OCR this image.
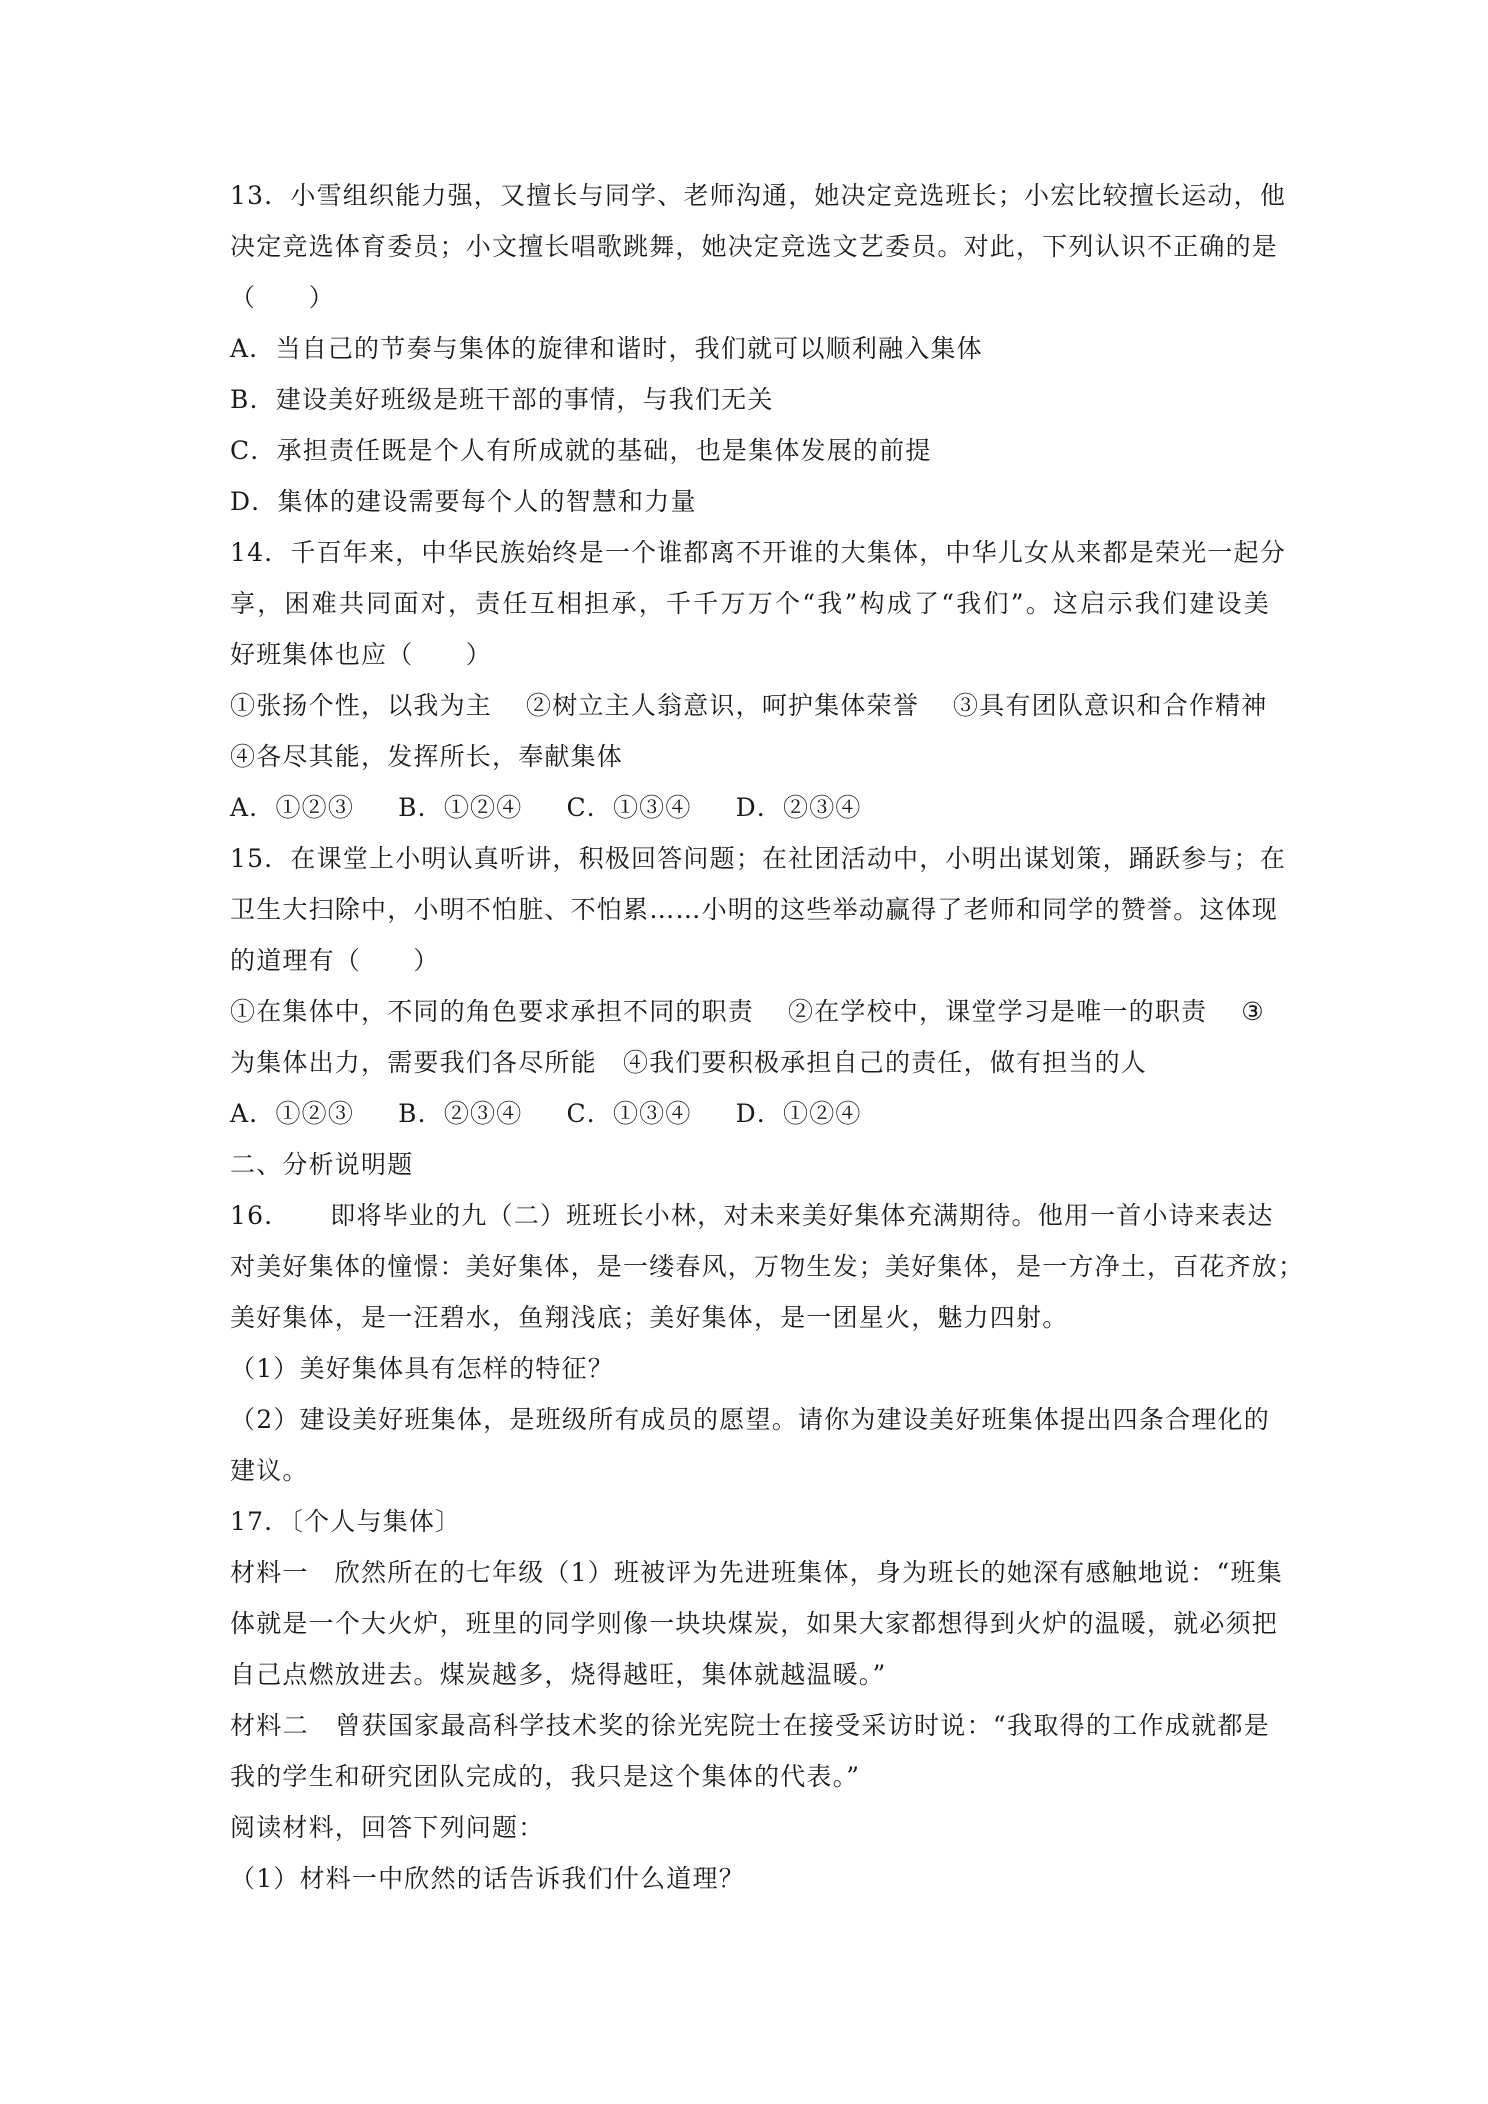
13．小雪组织能力强，又擅长与同学、老师沟通，她决定竞选班长；小宏比较擅长运动，他
决定竞选体育委员；小文擅长唱歌跳舞，她决定竞选文艺委员。对此，下列认识不正确的是
（　　）
A．当自己的节奏与集体的旋律和谐时，我们就可以顺利融入集体
B．建设美好班级是班干部的事情，与我们无关
C．承担责任既是个人有所成就的基础，也是集体发展的前提
D．集体的建设需要每个人的智慧和力量
14．千百年来，中华民族始终是一个谁都离不开谁的大集体，中华儿女从来都是荣光一起分
享，困难共同面对，责任互相担承，千千万万个“我”构成了“我们”。这启示我们建设美
好班集体也应（　　）
①张扬个性，以我为主 ②树立主人翁意识，呵护集体荣誉 ③具有团队意识和合作精神
④各尽其能，发挥所长，奉献集体
A．①②③ B．①②④ C．①③④ D．②③④
15．在课堂上小明认真听讲，积极回答问题；在社团活动中，小明出谋划策，踊跃参与；在
卫生大扫除中，小明不怕脏、不怕累……小明的这些举动赢得了老师和同学的赞誉。这体现
的道理有（　　）
①在集体中，不同的角色要求承担不同的职责 ②在学校中，课堂学习是唯一的职责 ③
为集体出力，需要我们各尽所能　④我们要积极承担自己的责任，做有担当的人
A．①②③ B．②③④ C．①③④ D．①②④
二、分析说明题
16．　　即将毕业的九（二）班班长小林，对未来美好集体充满期待。他用一首小诗来表达
对美好集体的憧憬：美好集体，是一缕春风，万物生发；美好集体，是一方净土，百花齐放；
美好集体，是一汪碧水，鱼翔浅底；美好集体，是一团星火，魅力四射。
（1）美好集体具有怎样的特征？
（2）建设美好班集体，是班级所有成员的愿望。请你为建设美好班集体提出四条合理化的
建议。
17．〔个人与集体〕
材料一　欣然所在的七年级（1）班被评为先进班集体，身为班长的她深有感触地说：“班集
体就是一个大火炉，班里的同学则像一块块煤炭，如果大家都想得到火炉的温暖，就必须把
自己点燃放进去。煤炭越多，烧得越旺，集体就越温暖。”
材料二　曾获国家最高科学技术奖的徐光宪院士在接受采访时说：“我取得的工作成就都是
我的学生和研究团队完成的，我只是这个集体的代表。”
阅读材料，回答下列问题：
（1）材料一中欣然的话告诉我们什么道理？
